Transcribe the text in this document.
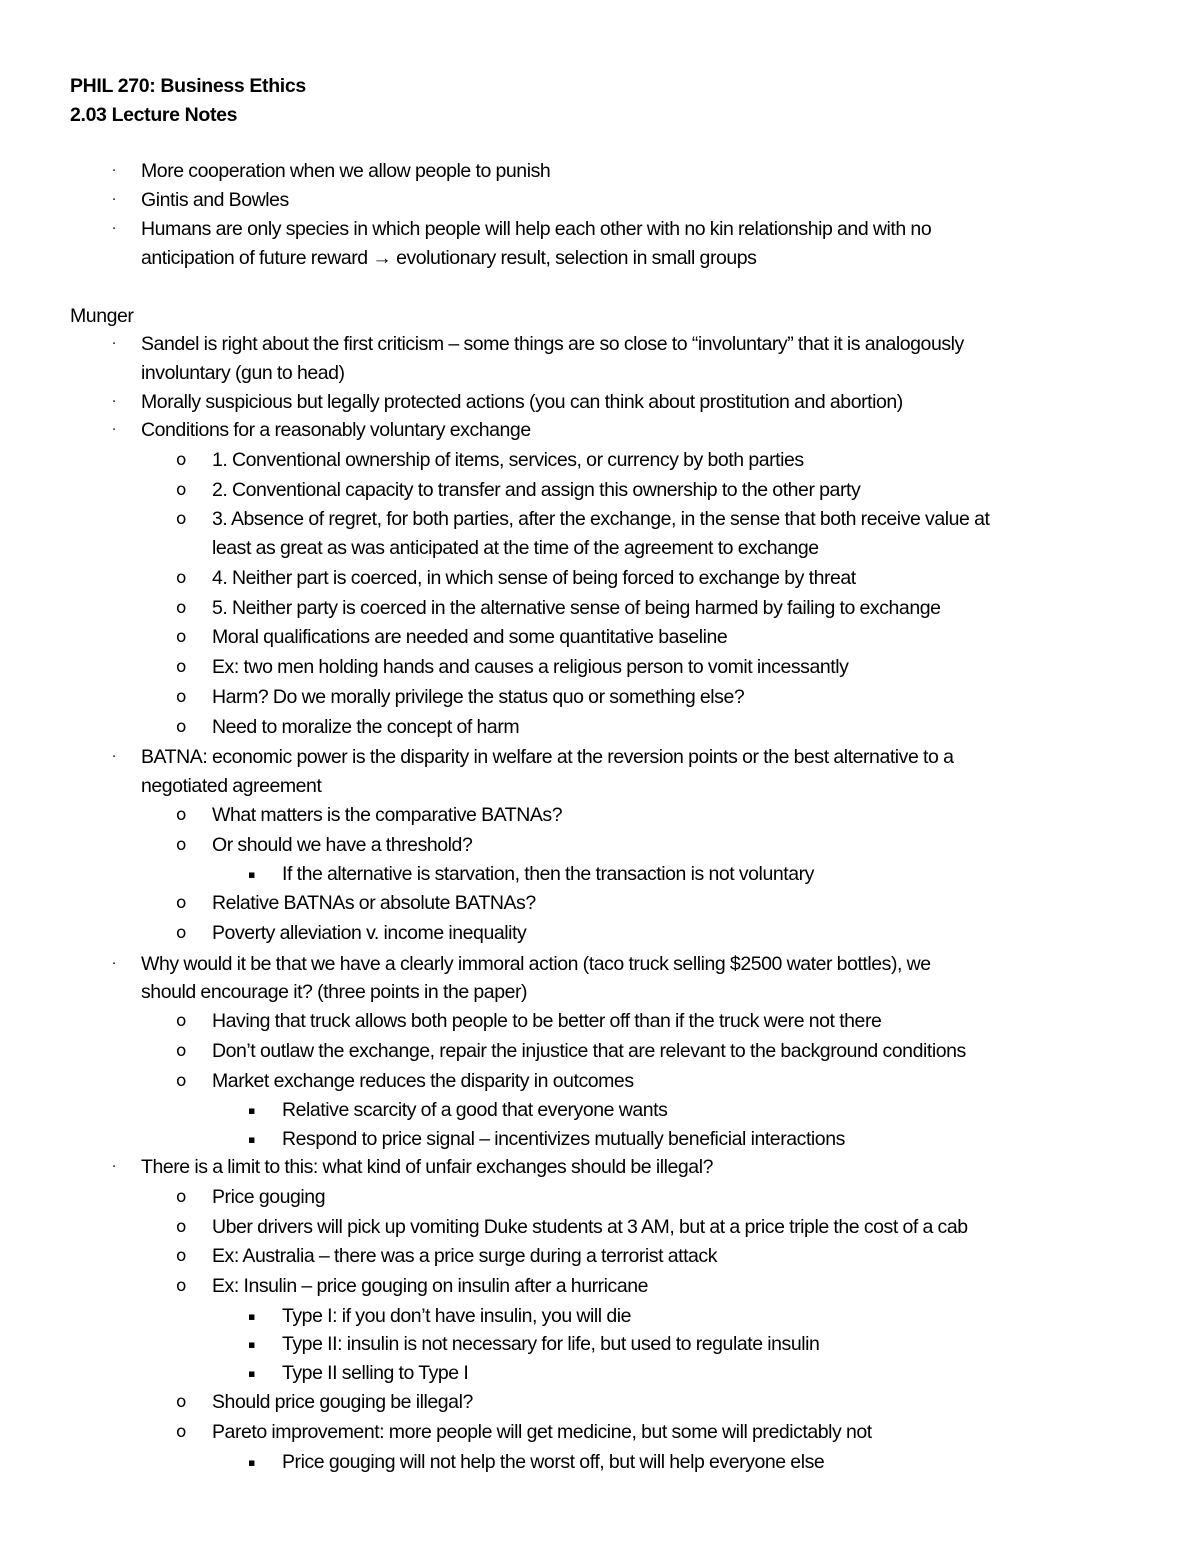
PHIL 270: Business Ethics
2.03 Lecture Notes
· More cooperation when we allow people to punish
· Gintis and Bowles
· Humans are only species in which people will help each other with no kin relationship and with no
anticipation of future reward → evolutionary result, selection in small groups
Munger
· Sandel is right about the first criticism – some things are so close to “involuntary” that it is analogously
involuntary (gun to head)
· Morally suspicious but legally protected actions (you can think about prostitution and abortion)
· Conditions for a reasonably voluntary exchange
o 1. Conventional ownership of items, services, or currency by both parties
o 2. Conventional capacity to transfer and assign this ownership to the other party
o 3. Absence of regret, for both parties, after the exchange, in the sense that both receive value at
least as great as was anticipated at the time of the agreement to exchange
o 4. Neither part is coerced, in which sense of being forced to exchange by threat
o 5. Neither party is coerced in the alternative sense of being harmed by failing to exchange
o Moral qualifications are needed and some quantitative baseline
o Ex: two men holding hands and causes a religious person to vomit incessantly
o Harm? Do we morally privilege the status quo or something else?
o Need to moralize the concept of harm
· BATNA: economic power is the disparity in welfare at the reversion points or the best alternative to a
negotiated agreement
o What matters is the comparative BATNAs?
o Or should we have a threshold?
▪ If the alternative is starvation, then the transaction is not voluntary
o Relative BATNAs or absolute BATNAs?
o Poverty alleviation v. income inequality
· Why would it be that we have a clearly immoral action (taco truck selling $2500 water bottles), we
should encourage it? (three points in the paper)
o Having that truck allows both people to be better off than if the truck were not there
o Don’t outlaw the exchange, repair the injustice that are relevant to the background conditions
o Market exchange reduces the disparity in outcomes
▪ Relative scarcity of a good that everyone wants
▪ Respond to price signal – incentivizes mutually beneficial interactions
· There is a limit to this: what kind of unfair exchanges should be illegal?
o Price gouging
o Uber drivers will pick up vomiting Duke students at 3 AM, but at a price triple the cost of a cab
o Ex: Australia – there was a price surge during a terrorist attack
o Ex: Insulin – price gouging on insulin after a hurricane
▪ Type I: if you don’t have insulin, you will die
▪ Type II: insulin is not necessary for life, but used to regulate insulin
▪ Type II selling to Type I
o Should price gouging be illegal?
o Pareto improvement: more people will get medicine, but some will predictably not
▪ Price gouging will not help the worst off, but will help everyone else
